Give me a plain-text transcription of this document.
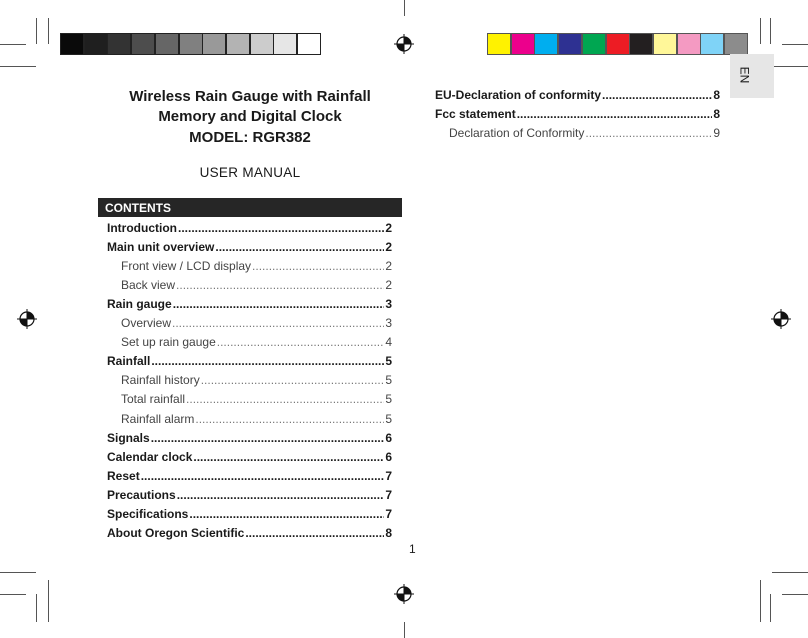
Wireless Rain Gauge with Rainfall
Memory and Digital Clock
MODEL: RGR382
USER MANUAL
CONTENTS
Introduction .....	2
Main unit overview .....	2
Front view / LCD display .....	2
Back view .....	2
Rain gauge .....	3
Overview .....	3
Set up rain gauge .....	4
Rainfall .....	5
Rainfall history .....	5
Total rainfall .....	5
Rainfall alarm .....	5
Signals .....	6
Calendar clock .....	6
Reset .....	7
Precautions .....	7
Specifications .....	7
About Oregon Scientific .....	8
EU-Declaration of conformity .....	8
Fcc statement .....	8
Declaration of Conformity .....	9
EN
1
